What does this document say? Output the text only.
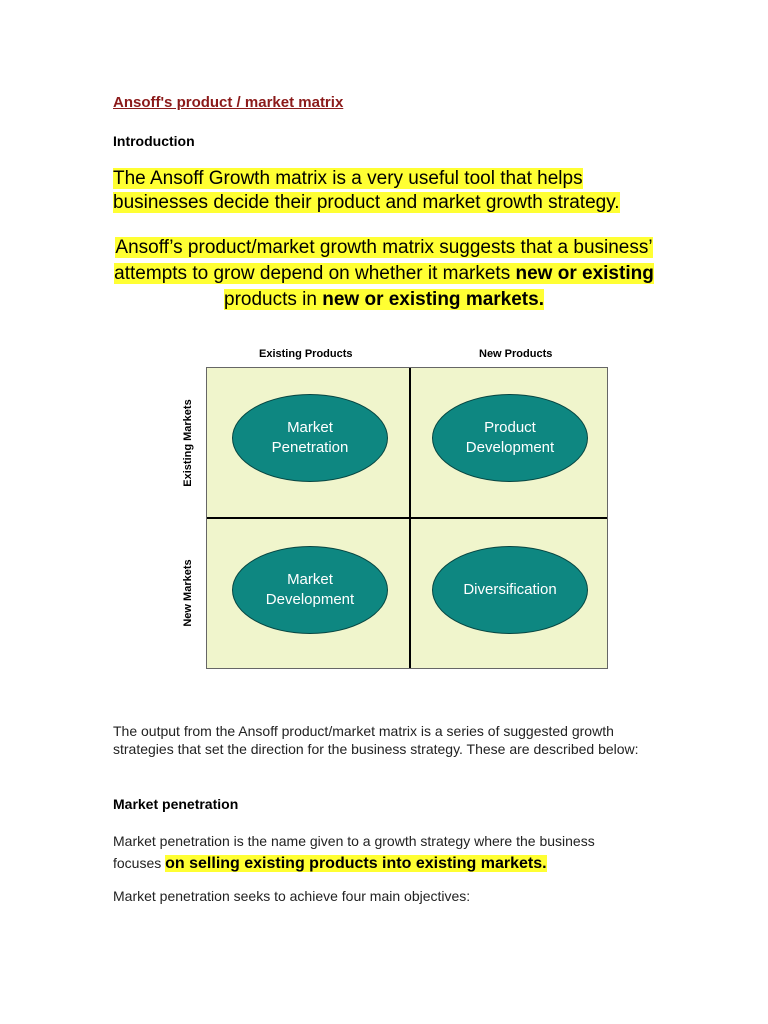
Ansoff's product / market matrix
Introduction

The Ansoff Growth matrix is a very useful tool that helps businesses decide their product and market growth strategy.

Ansoff’s product/market growth matrix suggests that a business’ attempts to grow depend on whether it markets new or existing products in new or existing markets.

Existing Products	New Products
Existing Markets
New Markets
Market
Penetration
Product
Development
Market
Development
Diversification

The output from the Ansoff product/market matrix is a series of suggested growth strategies that set the direction for the business strategy. These are described below:

Market penetration

Market penetration is the name given to a growth strategy where the business focuses on selling existing products into existing markets.

Market penetration seeks to achieve four main objectives:
